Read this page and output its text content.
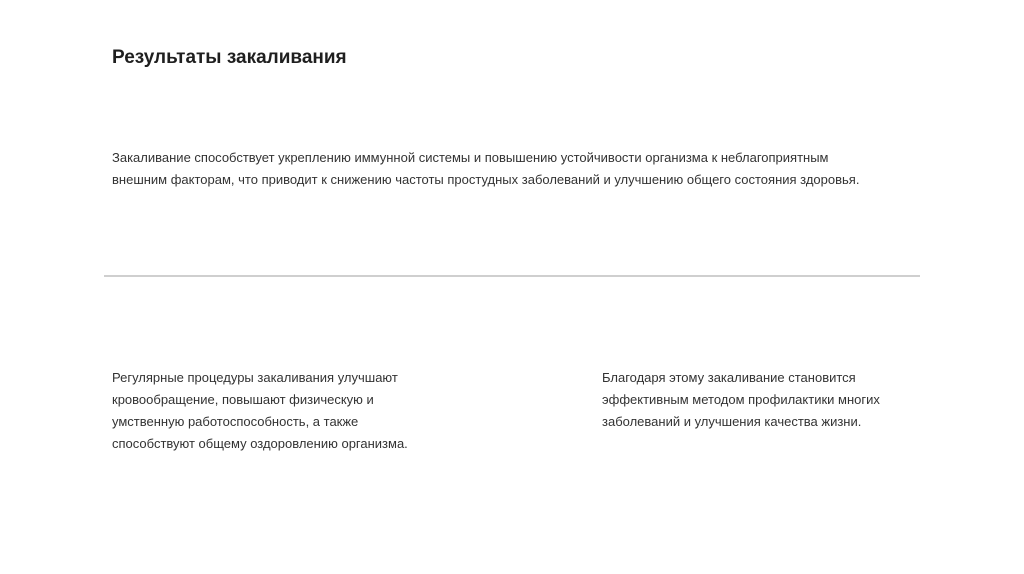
Результаты закаливания

Закаливание способствует укреплению иммунной системы и повышению устойчивости организма к неблагоприятным внешним факторам, что приводит к снижению частоты простудных заболеваний и улучшению общего состояния здоровья.

Регулярные процедуры закаливания улучшают кровообращение, повышают физическую и умственную работоспособность, а также способствуют общему оздоровлению организма.

Благодаря этому закаливание становится эффективным методом профилактики многих заболеваний и улучшения качества жизни.
